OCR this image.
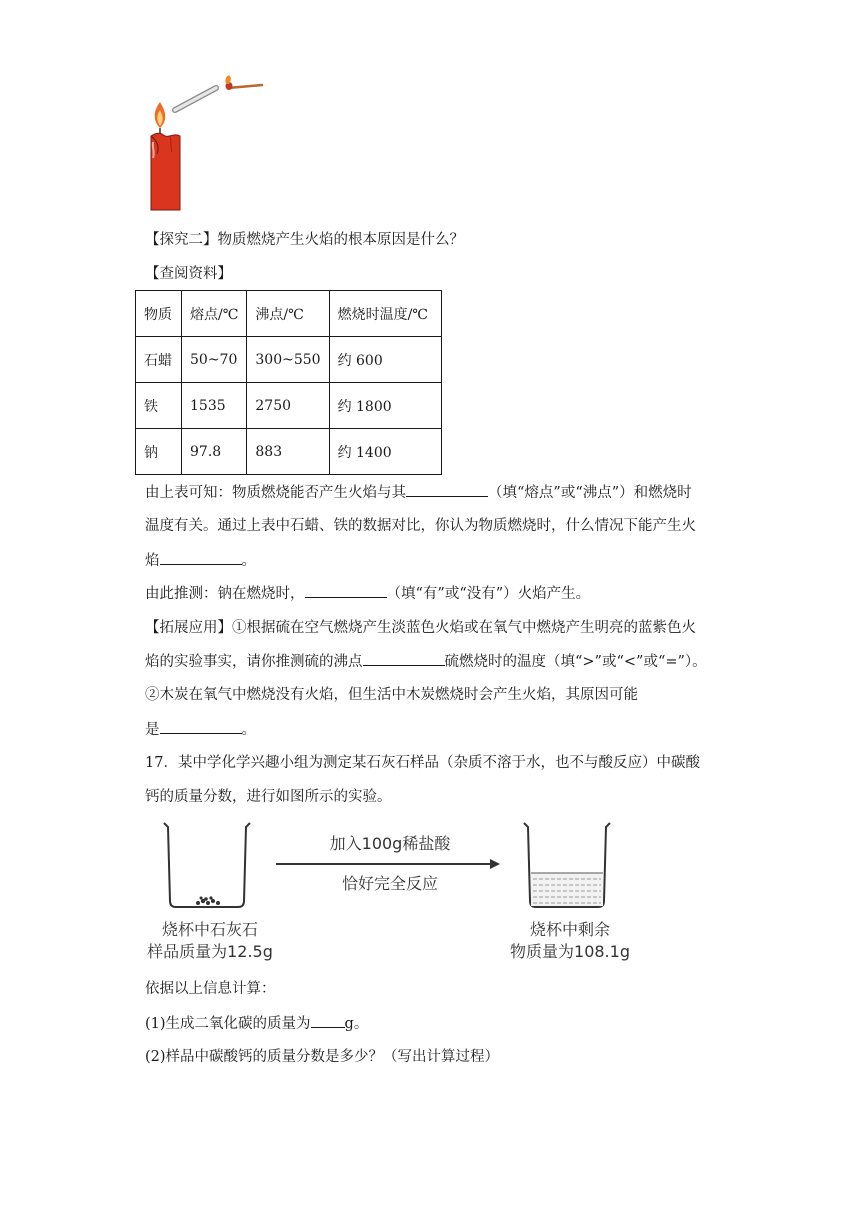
【探究二】物质燃烧产生火焰的根本原因是什么？
【查阅资料】
物质	熔点/℃	沸点/℃	燃烧时温度/℃
石蜡	50~70	300~550	约 600
铁	1535	2750	约 1800
钠	97.8	883	约 1400
由上表可知：物质燃烧能否产生火焰与其	（填“熔点”或“沸点”）和燃烧时
温度有关。通过上表中石蜡、铁的数据对比，你认为物质燃烧时，什么情况下能产生火
焰	。
由此推测：钠在燃烧时，	（填“有”或“没有”）火焰产生。
【拓展应用】①根据硫在空气燃烧产生淡蓝色火焰或在氧气中燃烧产生明亮的蓝紫色火
焰的实验事实，请你推测硫的沸点	硫燃烧时的温度（填“>”或“<”或“=”）。
②木炭在氧气中燃烧没有火焰，但生活中木炭燃烧时会产生火焰，其原因可能
是	。
17．某中学化学兴趣小组为测定某石灰石样品（杂质不溶于水，也不与酸反应）中碳酸
钙的质量分数，进行如图所示的实验。
加入100g稀盐酸
恰好完全反应
烧杯中石灰石
样品质量为12.5g
烧杯中剩余
物质量为108.1g
依据以上信息计算：
(1)生成二氧化碳的质量为 g。
(2)样品中碳酸钙的质量分数是多少？（写出计算过程）
